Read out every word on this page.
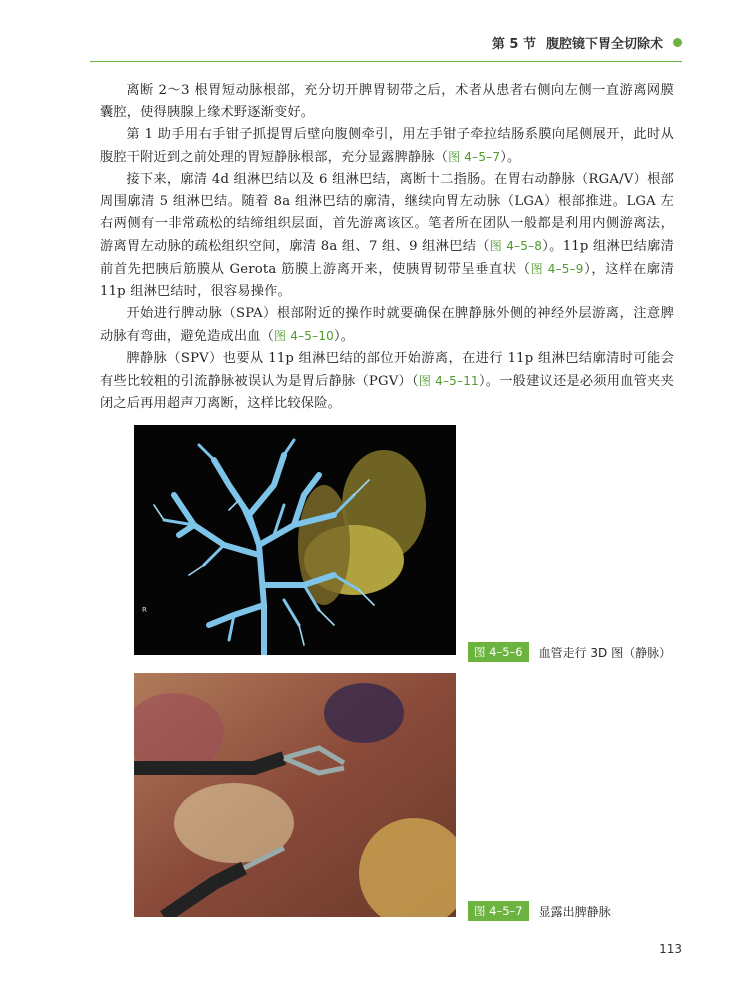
第 5 节 腹腔镜下胃全切除术

离断 2～3 根胃短动脉根部，充分切开脾胃韧带之后，术者从患者右侧向左侧一直游离网膜囊腔，使得胰腺上缘术野逐渐变好。

第 1 助手用右手钳子抓提胃后壁向腹侧牵引，用左手钳子牵拉结肠系膜向尾侧展开，此时从腹腔干附近到之前处理的胃短静脉根部，充分显露脾静脉（图 4–5–7）。

接下来，廓清 4d 组淋巴结以及 6 组淋巴结，离断十二指肠。在胃右动静脉（RGA/V）根部周围廓清 5 组淋巴结。随着 8a 组淋巴结的廓清，继续向胃左动脉（LGA）根部推进。LGA 左右两侧有一非常疏松的结缔组织层面，首先游离该区。笔者所在团队一般都是利用内侧游离法，游离胃左动脉的疏松组织空间，廓清 8a 组、7 组、9 组淋巴结（图 4–5–8）。11p 组淋巴结廓清前首先把胰后筋膜从 Gerota 筋膜上游离开来，使胰胃韧带呈垂直状（图 4–5–9），这样在廓清 11p 组淋巴结时，很容易操作。

开始进行脾动脉（SPA）根部附近的操作时就要确保在脾静脉外侧的神经外层游离，注意脾动脉有弯曲，避免造成出血（图 4–5–10）。

脾静脉（SPV）也要从 11p 组淋巴结的部位开始游离，在进行 11p 组淋巴结廓清时可能会有些比较粗的引流静脉被误认为是胃后静脉（PGV）（图 4–5–11）。一般建议还是必须用血管夹夹闭之后再用超声刀离断，这样比较保险。

R
图 4–5–6	血管走行 3D 图（静脉）
图 4–5–7	显露出脾静脉
113
